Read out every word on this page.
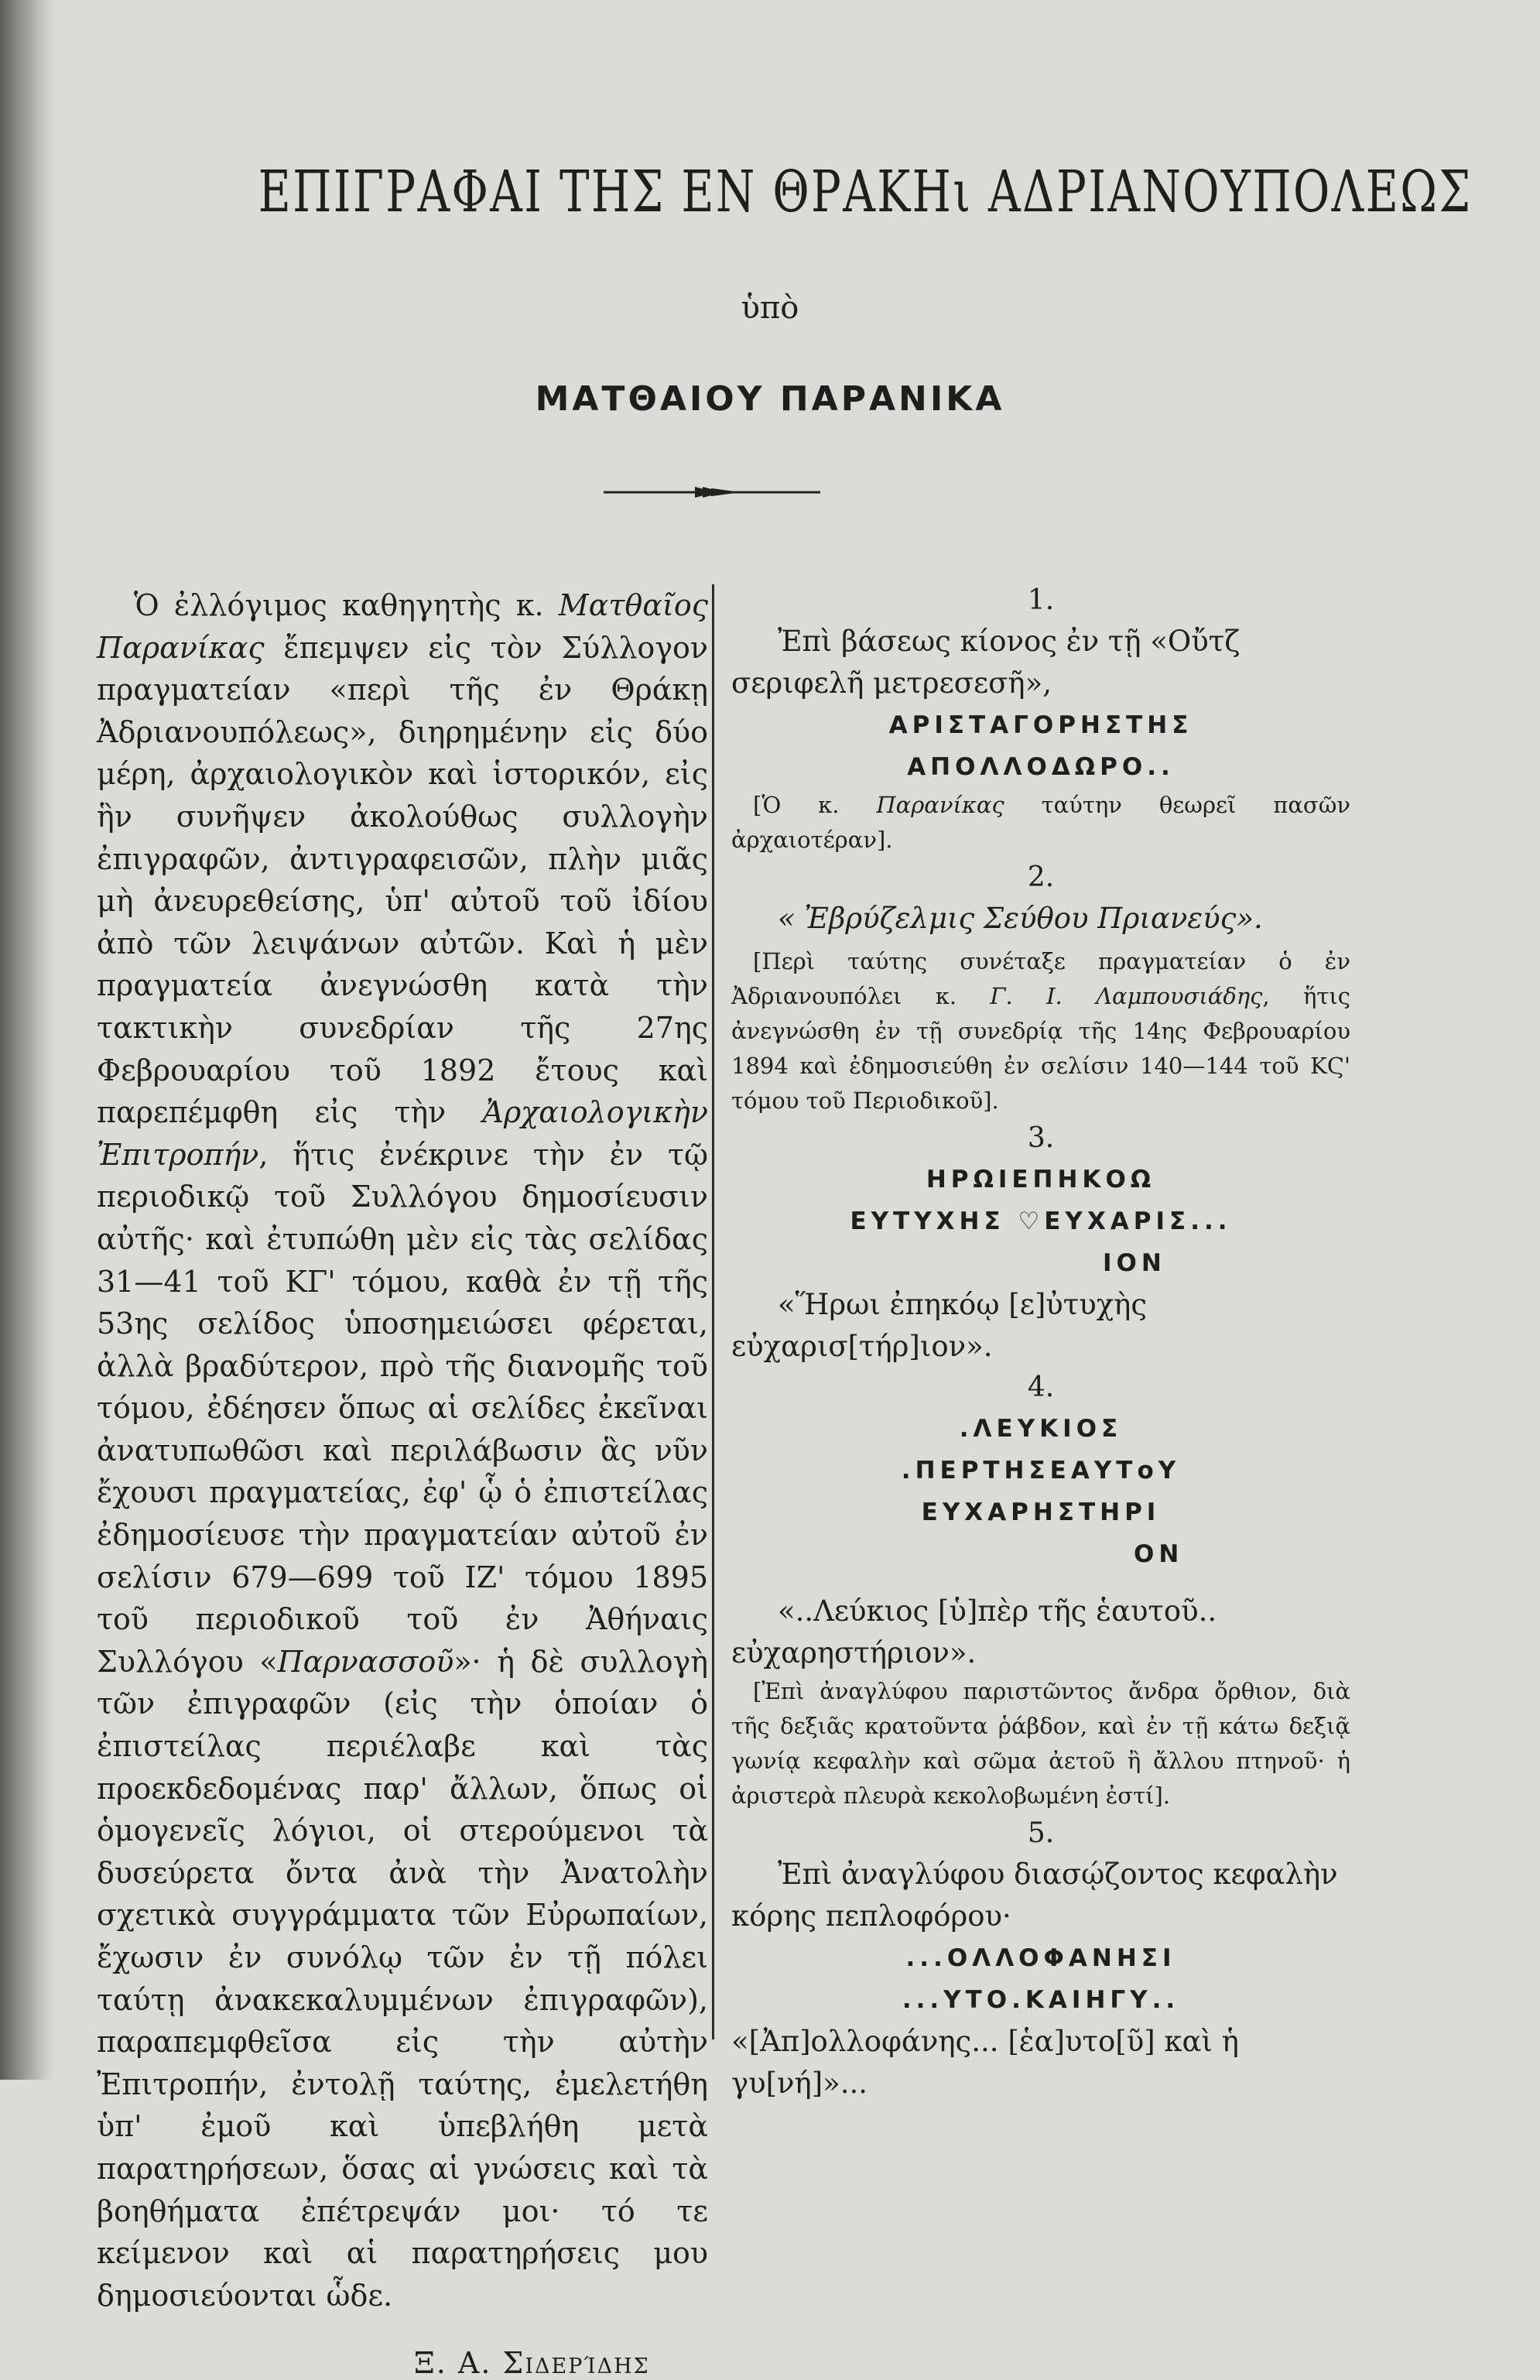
ΕΠΙΓΡΑΦΑΙ ΤΗΣ ΕΝ ΘΡΑΚΗι ΑΔΡΙΑΝΟΥΠΟΛΕΩΣ
ὑπὸ
ΜΑΤΘΑΙΟΥ ΠΑΡΑΝΙΚΑ

Ὁ ἐλλόγιμος καθηγητὴς κ. Ματθαῖος Παρανίκας ἔπεμψεν εἰς τὸν Σύλλογον πραγματείαν «περὶ τῆς ἐν Θράκῃ Ἀδριανουπόλεως», διηρημένην εἰς δύο μέρη, ἀρχαιολογικὸν καὶ ἱστορικόν, εἰς ἣν συνῆψεν ἀκολούθως συλλογὴν ἐπιγραφῶν, ἀντιγραφεισῶν, πλὴν μιᾶς μὴ ἀνευρεθείσης, ὑπ' αὐτοῦ τοῦ ἰδίου ἀπὸ τῶν λειψάνων αὐτῶν. Καὶ ἡ μὲν πραγματεία ἀνεγνώσθη κατὰ τὴν τακτικὴν συνεδρίαν τῆς 27ης Φεβρουαρίου τοῦ 1892 ἔτους καὶ παρεπέμφθη εἰς τὴν Ἀρχαιολογικὴν Ἐπιτροπήν, ἥτις ἐνέκρινε τὴν ἐν τῷ περιοδικῷ τοῦ Συλλόγου δημοσίευσιν αὐτῆς· καὶ ἐτυπώθη μὲν εἰς τὰς σελίδας 31—41 τοῦ ΚΓ' τόμου, καθὰ ἐν τῇ τῆς 53ης σελίδος ὑποσημειώσει φέρεται, ἀλλὰ βραδύτερον, πρὸ τῆς διανομῆς τοῦ τόμου, ἐδέησεν ὅπως αἱ σελίδες ἐκεῖναι ἀνατυπωθῶσι καὶ περιλάβωσιν ἃς νῦν ἔχουσι πραγματείας, ἐφ' ᾧ ὁ ἐπιστείλας ἐδημοσίευσε τὴν πραγματείαν αὐτοῦ ἐν σελίσιν 679—699 τοῦ ΙΖ' τόμου 1895 τοῦ περιοδικοῦ τοῦ ἐν Ἀθήναις Συλλόγου «Παρνασσοῦ»· ἡ δὲ συλλογὴ τῶν ἐπιγραφῶν (εἰς τὴν ὁποίαν ὁ ἐπιστείλας περιέλαβε καὶ τὰς προεκδεδομένας παρ' ἄλλων, ὅπως οἱ ὁμογενεῖς λόγιοι, οἱ στερούμενοι τὰ δυσεύρετα ὄντα ἀνὰ τὴν Ἀνατολὴν σχετικὰ συγγράμματα τῶν Εὐρωπαίων, ἔχωσιν ἐν συνόλῳ τῶν ἐν τῇ πόλει ταύτῃ ἀνακεκαλυμμένων ἐπιγραφῶν), παραπεμφθεῖσα εἰς τὴν αὐτὴν Ἐπιτροπήν, ἐντολῇ ταύτης, ἐμελετήθη ὑπ' ἐμοῦ καὶ ὑπεβλήθη μετὰ παρατηρήσεων, ὅσας αἱ γνώσεις καὶ τὰ βοηθήματα ἐπέτρεψάν μοι· τό τε κείμενον καὶ αἱ παρατηρήσεις μου δημοσιεύονται ὧδε.

Ξ. Α. Σιδερίδης
1.

Ἐπὶ βάσεως κίονος ἐν τῇ «Οὔτζ σεριφελῆ μετρεσεσῆ»,

ΑΡΙΣΤΑΓΟΡΗΣΤΗΣ
ΑΠΟΛΛΟΔΩΡΟ..

[Ὁ κ. Παρανίκας ταύτην θεωρεῖ πασῶν ἀρχαιοτέραν].

2.

« Ἐβρύζελμις Σεύθου Πριανεύς».

[Περὶ ταύτης συνέταξε πραγματείαν ὁ ἐν Ἀδριανουπόλει κ. Γ. Ι. Λαμπουσιάδης, ἥτις ἀνεγνώσθη ἐν τῇ συνεδρίᾳ τῆς 14ης Φεβρουαρίου 1894 καὶ ἐδημοσιεύθη ἐν σελίσιν 140—144 τοῦ ΚϚ' τόμου τοῦ Περιοδικοῦ].

3.
ΗΡΩΙΕΠΗΚΟΩ
ΕΥΤΥΧΗΣ ♡ΕΥΧΑΡΙΣ...
ΙΟΝ

«Ἥρωι ἐπηκόῳ [ε]ὐτυχὴς εὐχαρισ[τήρ]ιον».

4.
.ΛΕΥΚΙΟΣ
.ΠΕΡΤΗΣΕΑΥΤοΥ
ΕΥΧΑΡΗΣΤΗΡΙ
ΟΝ

«..Λεύκιος [ὑ]πὲρ τῆς ἑαυτοῦ.. εὐχαρηστήριον».

[Ἐπὶ ἀναγλύφου παριστῶντος ἄνδρα ὄρθιον, διὰ τῆς δεξιᾶς κρατοῦντα ῥάβδον, καὶ ἐν τῇ κάτω δεξιᾷ γωνίᾳ κεφαλὴν καὶ σῶμα ἀετοῦ ἢ ἄλλου πτηνοῦ· ἡ ἀριστερὰ πλευρὰ κεκολοβωμένη ἐστί].

5.

Ἐπὶ ἀναγλύφου διασῴζοντος κεφαλὴν κόρης πεπλοφόρου·

...ΟΛΛΟΦΑΝΗΣΙ
...ΥΤΟ.ΚΑΙΗΓΥ..

«[Ἀπ]ολλοφάνης... [ἑα]υτο[ῦ] καὶ ἡ γυ[νή]»...
